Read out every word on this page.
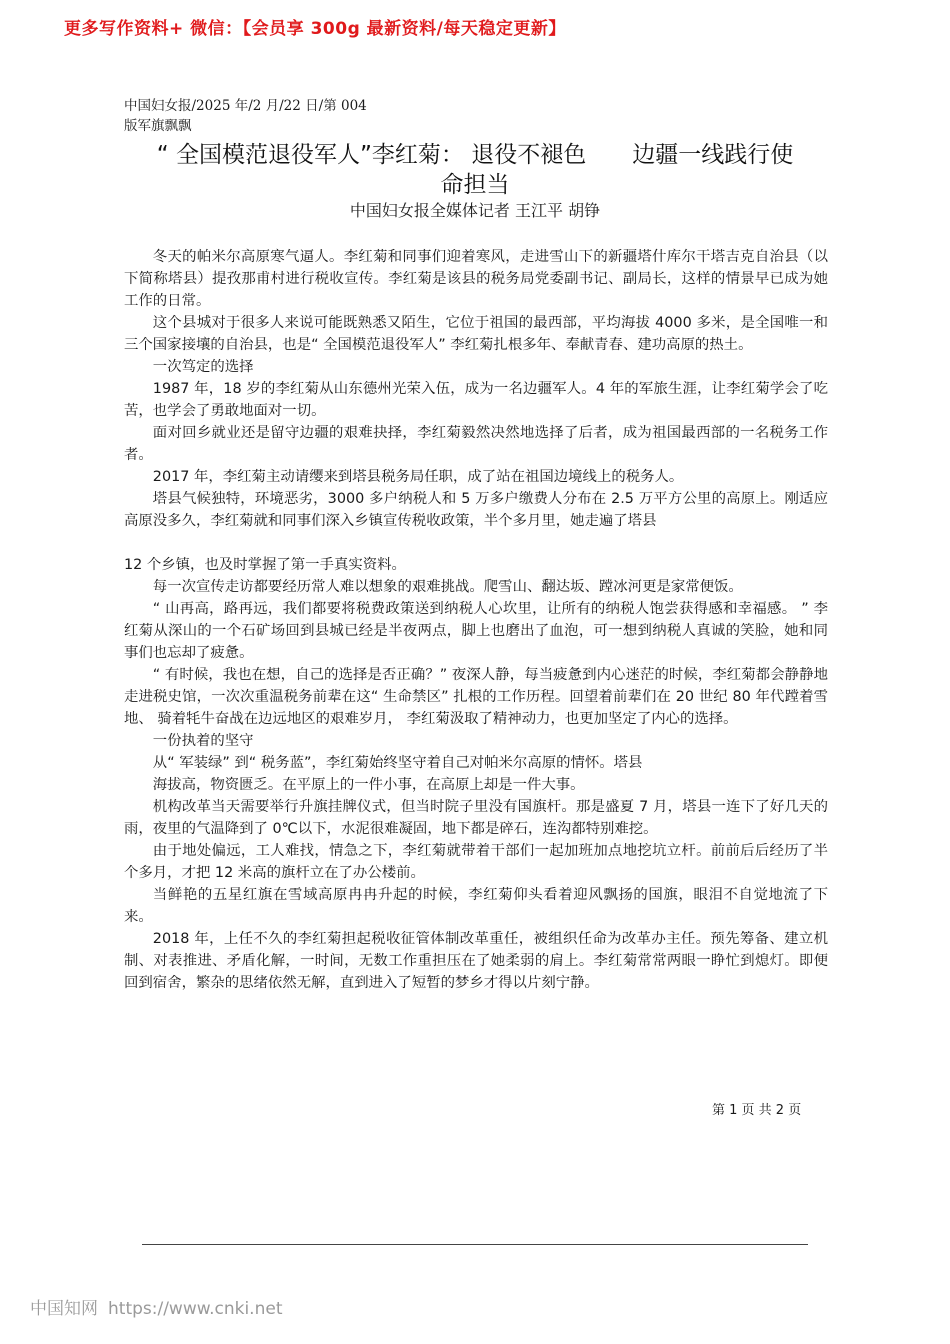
更多写作资料+ 微信：【会员享 300g 最新资料/每天稳定更新】
中国妇女报/2025 年/2 月/22 日/第 004
版军旗飘飘
“ 全国模范退役军人”李红菊： 退役不褪色　　边疆一线践行使
命担当
中国妇女报全媒体记者 王江平 胡铮

冬天的帕米尔高原寒气逼人。李红菊和同事们迎着寒风，走进雪山下的新疆塔什库尔干塔吉克自治县（以下简称塔县）提孜那甫村进行税收宣传。李红菊是该县的税务局党委副书记、副局长，这样的情景早已成为她工作的日常。

这个县城对于很多人来说可能既熟悉又陌生，它位于祖国的最西部，平均海拔 4000 多米，是全国唯一和三个国家接壤的自治县，也是“ 全国模范退役军人” 李红菊扎根多年、奉献青春、建功高原的热土。

一次笃定的选择

1987 年，18 岁的李红菊从山东德州光荣入伍，成为一名边疆军人。4 年的军旅生涯，让李红菊学会了吃苦，也学会了勇敢地面对一切。

面对回乡就业还是留守边疆的艰难抉择，李红菊毅然决然地选择了后者，成为祖国最西部的一名税务工作者。

2017 年，李红菊主动请缨来到塔县税务局任职，成了站在祖国边境线上的税务人。

塔县气候独特，环境恶劣，3000 多户纳税人和 5 万多户缴费人分布在 2.5 万平方公里的高原上。刚适应高原没多久，李红菊就和同事们深入乡镇宣传税收政策，半个多月里，她走遍了塔县

12 个乡镇，也及时掌握了第一手真实资料。

每一次宣传走访都要经历常人难以想象的艰难挑战。爬雪山、翻达坂、蹚冰河更是家常便饭。

“ 山再高，路再远，我们都要将税费政策送到纳税人心坎里，让所有的纳税人饱尝获得感和幸福感。 ” 李红菊从深山的一个石矿场回到县城已经是半夜两点，脚上也磨出了血泡，可一想到纳税人真诚的笑脸，她和同事们也忘却了疲惫。

“ 有时候，我也在想，自己的选择是否正确？” 夜深人静，每当疲惫到内心迷茫的时候，李红菊都会静静地走进税史馆，一次次重温税务前辈在这“ 生命禁区” 扎根的工作历程。回望着前辈们在 20 世纪 80 年代蹚着雪地、 骑着牦牛奋战在边远地区的艰难岁月， 李红菊汲取了精神动力，也更加坚定了内心的选择。

一份执着的坚守

从“ 军装绿” 到“ 税务蓝”，李红菊始终坚守着自己对帕米尔高原的情怀。塔县

海拔高，物资匮乏。在平原上的一件小事，在高原上却是一件大事。

机构改革当天需要举行升旗挂牌仪式，但当时院子里没有国旗杆。那是盛夏 7 月，塔县一连下了好几天的雨，夜里的气温降到了 0℃以下，水泥很难凝固，地下都是碎石，连沟都特别难挖。

由于地处偏远，工人难找，情急之下，李红菊就带着干部们一起加班加点地挖坑立杆。前前后后经历了半个多月，才把 12 米高的旗杆立在了办公楼前。

当鲜艳的五星红旗在雪域高原冉冉升起的时候，李红菊仰头看着迎风飘扬的国旗，眼泪不自觉地流了下来。

2018 年，上任不久的李红菊担起税收征管体制改革重任，被组织任命为改革办主任。预先筹备、建立机制、对表推进、矛盾化解，一时间，无数工作重担压在了她柔弱的肩上。李红菊常常两眼一睁忙到熄灯。即便回到宿舍，繁杂的思绪依然无解，直到进入了短暂的梦乡才得以片刻宁静。

第 1 页 共 2 页
中国知网 https://www.cnki.net
